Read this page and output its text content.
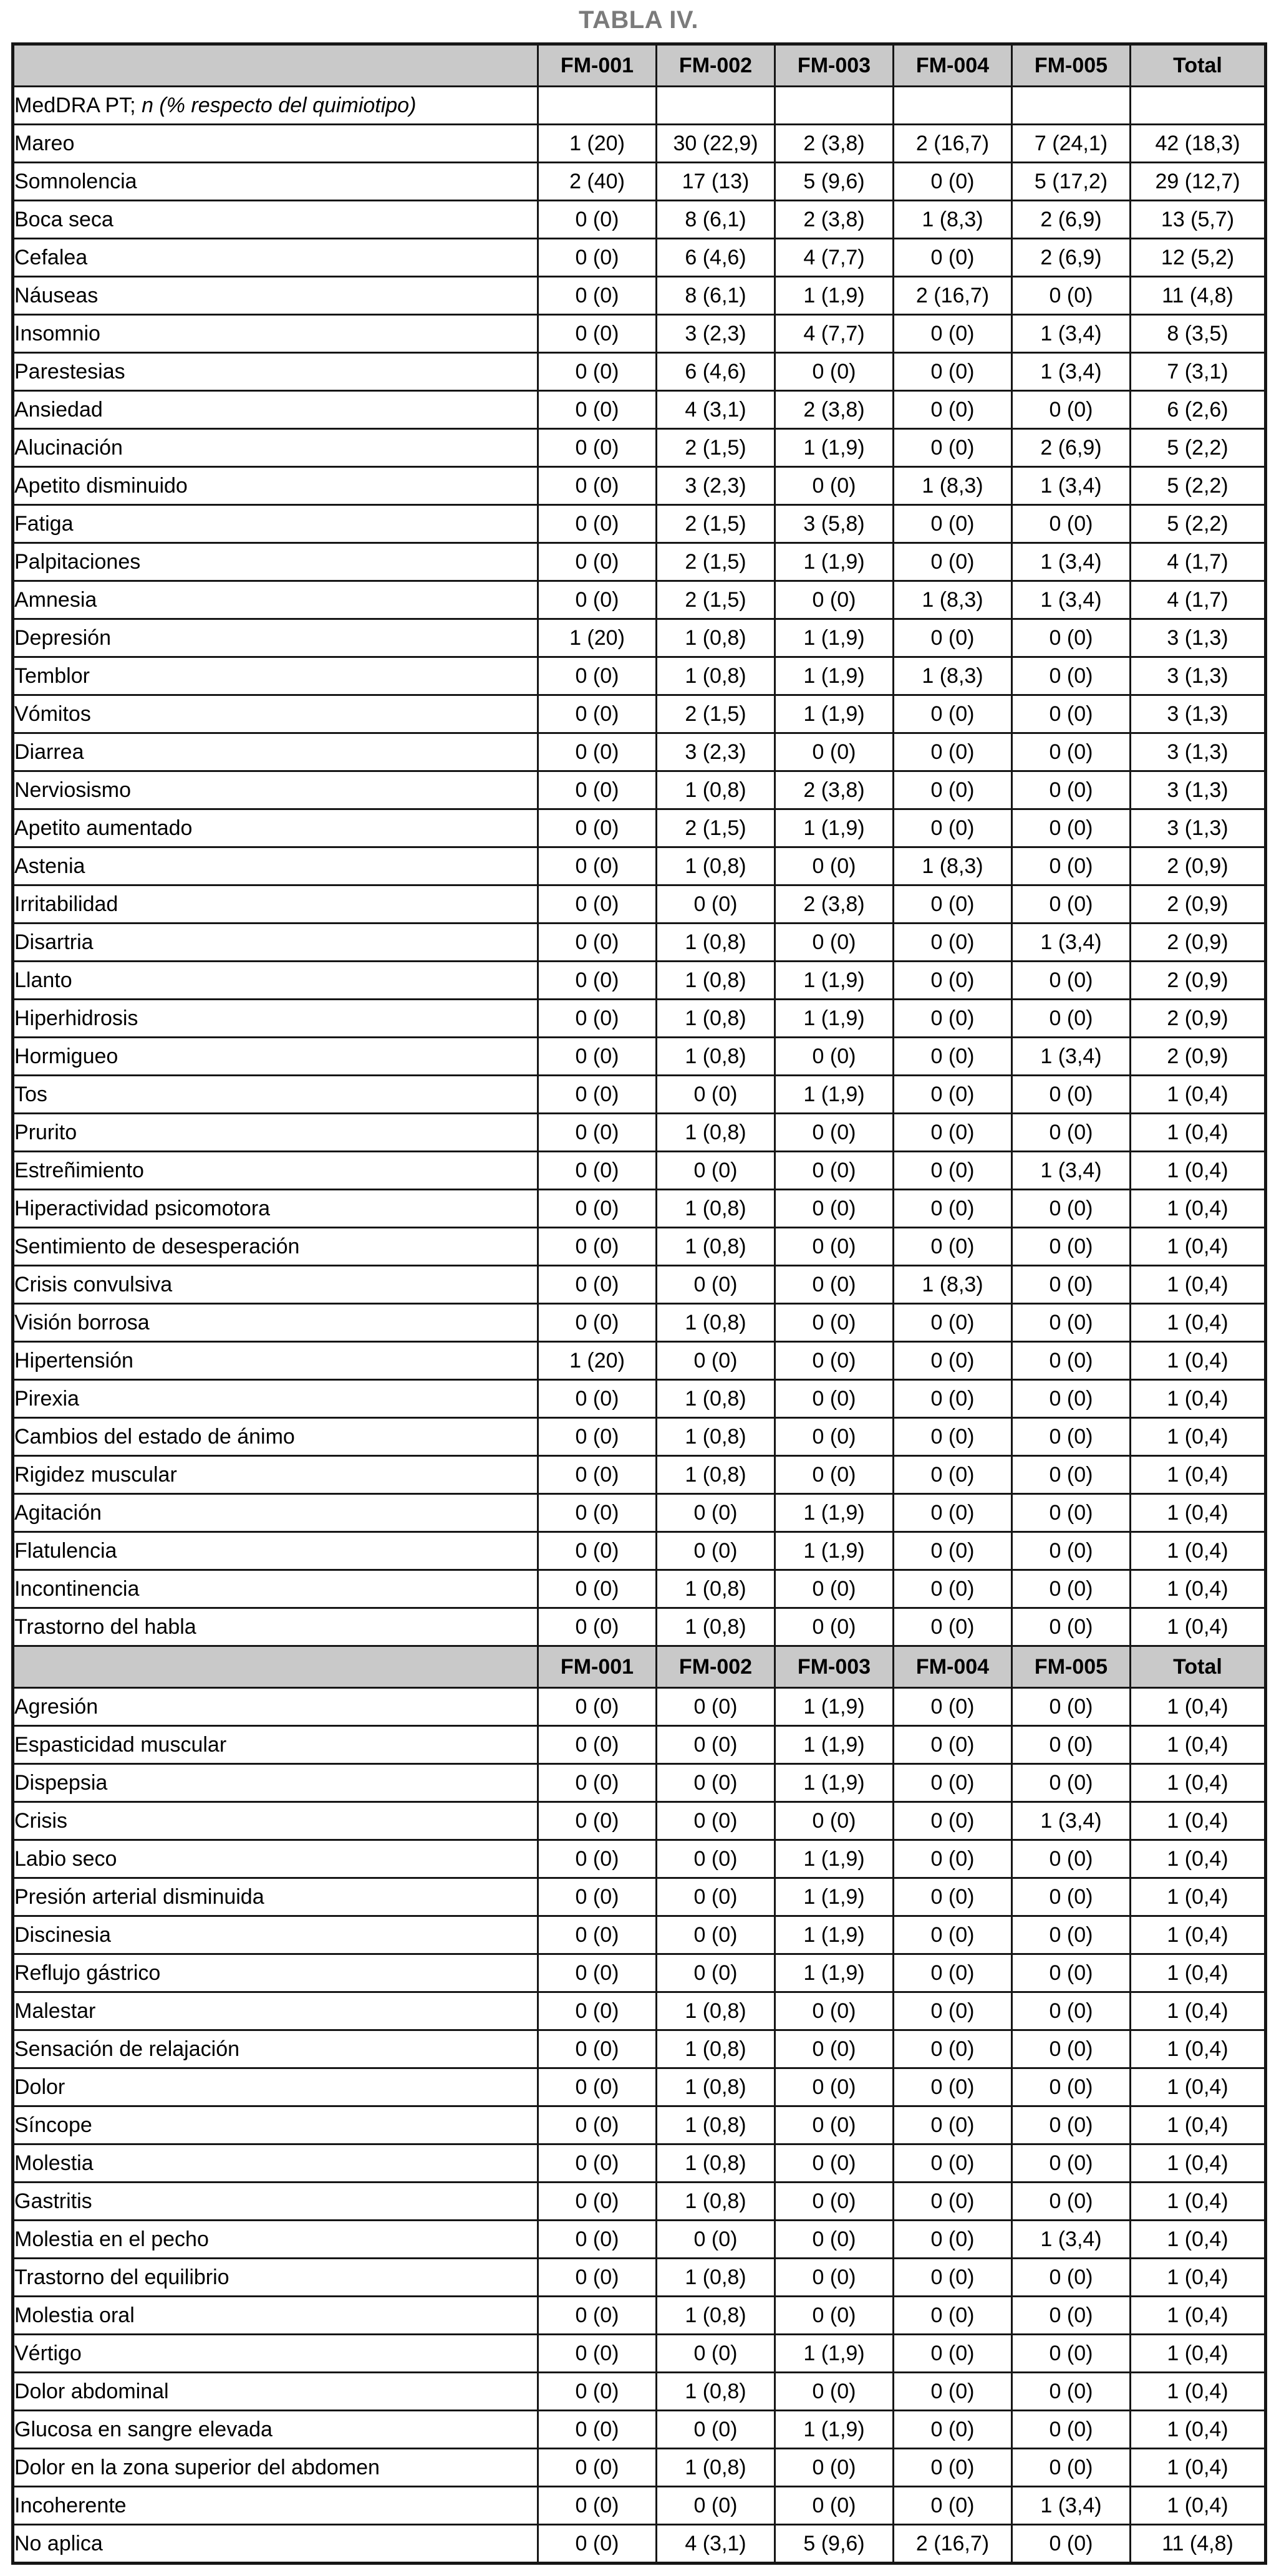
TABLA IV.
	FM-001	FM-002	FM-003	FM-004	FM-005	Total
MedDRA PT; n (% respecto del quimiotipo)						
Mareo	1 (20)	30 (22,9)	2 (3,8)	2 (16,7)	7 (24,1)	42 (18,3)
Somnolencia	2 (40)	17 (13)	5 (9,6)	0 (0)	5 (17,2)	29 (12,7)
Boca seca	0 (0)	8 (6,1)	2 (3,8)	1 (8,3)	2 (6,9)	13 (5,7)
Cefalea	0 (0)	6 (4,6)	4 (7,7)	0 (0)	2 (6,9)	12 (5,2)
Náuseas	0 (0)	8 (6,1)	1 (1,9)	2 (16,7)	0 (0)	11 (4,8)
Insomnio	0 (0)	3 (2,3)	4 (7,7)	0 (0)	1 (3,4)	8 (3,5)
Parestesias	0 (0)	6 (4,6)	0 (0)	0 (0)	1 (3,4)	7 (3,1)
Ansiedad	0 (0)	4 (3,1)	2 (3,8)	0 (0)	0 (0)	6 (2,6)
Alucinación	0 (0)	2 (1,5)	1 (1,9)	0 (0)	2 (6,9)	5 (2,2)
Apetito disminuido	0 (0)	3 (2,3)	0 (0)	1 (8,3)	1 (3,4)	5 (2,2)
Fatiga	0 (0)	2 (1,5)	3 (5,8)	0 (0)	0 (0)	5 (2,2)
Palpitaciones	0 (0)	2 (1,5)	1 (1,9)	0 (0)	1 (3,4)	4 (1,7)
Amnesia	0 (0)	2 (1,5)	0 (0)	1 (8,3)	1 (3,4)	4 (1,7)
Depresión	1 (20)	1 (0,8)	1 (1,9)	0 (0)	0 (0)	3 (1,3)
Temblor	0 (0)	1 (0,8)	1 (1,9)	1 (8,3)	0 (0)	3 (1,3)
Vómitos	0 (0)	2 (1,5)	1 (1,9)	0 (0)	0 (0)	3 (1,3)
Diarrea	0 (0)	3 (2,3)	0 (0)	0 (0)	0 (0)	3 (1,3)
Nerviosismo	0 (0)	1 (0,8)	2 (3,8)	0 (0)	0 (0)	3 (1,3)
Apetito aumentado	0 (0)	2 (1,5)	1 (1,9)	0 (0)	0 (0)	3 (1,3)
Astenia	0 (0)	1 (0,8)	0 (0)	1 (8,3)	0 (0)	2 (0,9)
Irritabilidad	0 (0)	0 (0)	2 (3,8)	0 (0)	0 (0)	2 (0,9)
Disartria	0 (0)	1 (0,8)	0 (0)	0 (0)	1 (3,4)	2 (0,9)
Llanto	0 (0)	1 (0,8)	1 (1,9)	0 (0)	0 (0)	2 (0,9)
Hiperhidrosis	0 (0)	1 (0,8)	1 (1,9)	0 (0)	0 (0)	2 (0,9)
Hormigueo	0 (0)	1 (0,8)	0 (0)	0 (0)	1 (3,4)	2 (0,9)
Tos	0 (0)	0 (0)	1 (1,9)	0 (0)	0 (0)	1 (0,4)
Prurito	0 (0)	1 (0,8)	0 (0)	0 (0)	0 (0)	1 (0,4)
Estreñimiento	0 (0)	0 (0)	0 (0)	0 (0)	1 (3,4)	1 (0,4)
Hiperactividad psicomotora	0 (0)	1 (0,8)	0 (0)	0 (0)	0 (0)	1 (0,4)
Sentimiento de desesperación	0 (0)	1 (0,8)	0 (0)	0 (0)	0 (0)	1 (0,4)
Crisis convulsiva	0 (0)	0 (0)	0 (0)	1 (8,3)	0 (0)	1 (0,4)
Visión borrosa	0 (0)	1 (0,8)	0 (0)	0 (0)	0 (0)	1 (0,4)
Hipertensión	1 (20)	0 (0)	0 (0)	0 (0)	0 (0)	1 (0,4)
Pirexia	0 (0)	1 (0,8)	0 (0)	0 (0)	0 (0)	1 (0,4)
Cambios del estado de ánimo	0 (0)	1 (0,8)	0 (0)	0 (0)	0 (0)	1 (0,4)
Rigidez muscular	0 (0)	1 (0,8)	0 (0)	0 (0)	0 (0)	1 (0,4)
Agitación	0 (0)	0 (0)	1 (1,9)	0 (0)	0 (0)	1 (0,4)
Flatulencia	0 (0)	0 (0)	1 (1,9)	0 (0)	0 (0)	1 (0,4)
Incontinencia	0 (0)	1 (0,8)	0 (0)	0 (0)	0 (0)	1 (0,4)
Trastorno del habla	0 (0)	1 (0,8)	0 (0)	0 (0)	0 (0)	1 (0,4)
	FM-001	FM-002	FM-003	FM-004	FM-005	Total
Agresión	0 (0)	0 (0)	1 (1,9)	0 (0)	0 (0)	1 (0,4)
Espasticidad muscular	0 (0)	0 (0)	1 (1,9)	0 (0)	0 (0)	1 (0,4)
Dispepsia	0 (0)	0 (0)	1 (1,9)	0 (0)	0 (0)	1 (0,4)
Crisis	0 (0)	0 (0)	0 (0)	0 (0)	1 (3,4)	1 (0,4)
Labio seco	0 (0)	0 (0)	1 (1,9)	0 (0)	0 (0)	1 (0,4)
Presión arterial disminuida	0 (0)	0 (0)	1 (1,9)	0 (0)	0 (0)	1 (0,4)
Discinesia	0 (0)	0 (0)	1 (1,9)	0 (0)	0 (0)	1 (0,4)
Reflujo gástrico	0 (0)	0 (0)	1 (1,9)	0 (0)	0 (0)	1 (0,4)
Malestar	0 (0)	1 (0,8)	0 (0)	0 (0)	0 (0)	1 (0,4)
Sensación de relajación	0 (0)	1 (0,8)	0 (0)	0 (0)	0 (0)	1 (0,4)
Dolor	0 (0)	1 (0,8)	0 (0)	0 (0)	0 (0)	1 (0,4)
Síncope	0 (0)	1 (0,8)	0 (0)	0 (0)	0 (0)	1 (0,4)
Molestia	0 (0)	1 (0,8)	0 (0)	0 (0)	0 (0)	1 (0,4)
Gastritis	0 (0)	1 (0,8)	0 (0)	0 (0)	0 (0)	1 (0,4)
Molestia en el pecho	0 (0)	0 (0)	0 (0)	0 (0)	1 (3,4)	1 (0,4)
Trastorno del equilibrio	0 (0)	1 (0,8)	0 (0)	0 (0)	0 (0)	1 (0,4)
Molestia oral	0 (0)	1 (0,8)	0 (0)	0 (0)	0 (0)	1 (0,4)
Vértigo	0 (0)	0 (0)	1 (1,9)	0 (0)	0 (0)	1 (0,4)
Dolor abdominal	0 (0)	1 (0,8)	0 (0)	0 (0)	0 (0)	1 (0,4)
Glucosa en sangre elevada	0 (0)	0 (0)	1 (1,9)	0 (0)	0 (0)	1 (0,4)
Dolor en la zona superior del abdomen	0 (0)	1 (0,8)	0 (0)	0 (0)	0 (0)	1 (0,4)
Incoherente	0 (0)	0 (0)	0 (0)	0 (0)	1 (3,4)	1 (0,4)
No aplica	0 (0)	4 (3,1)	5 (9,6)	2 (16,7)	0 (0)	11 (4,8)
